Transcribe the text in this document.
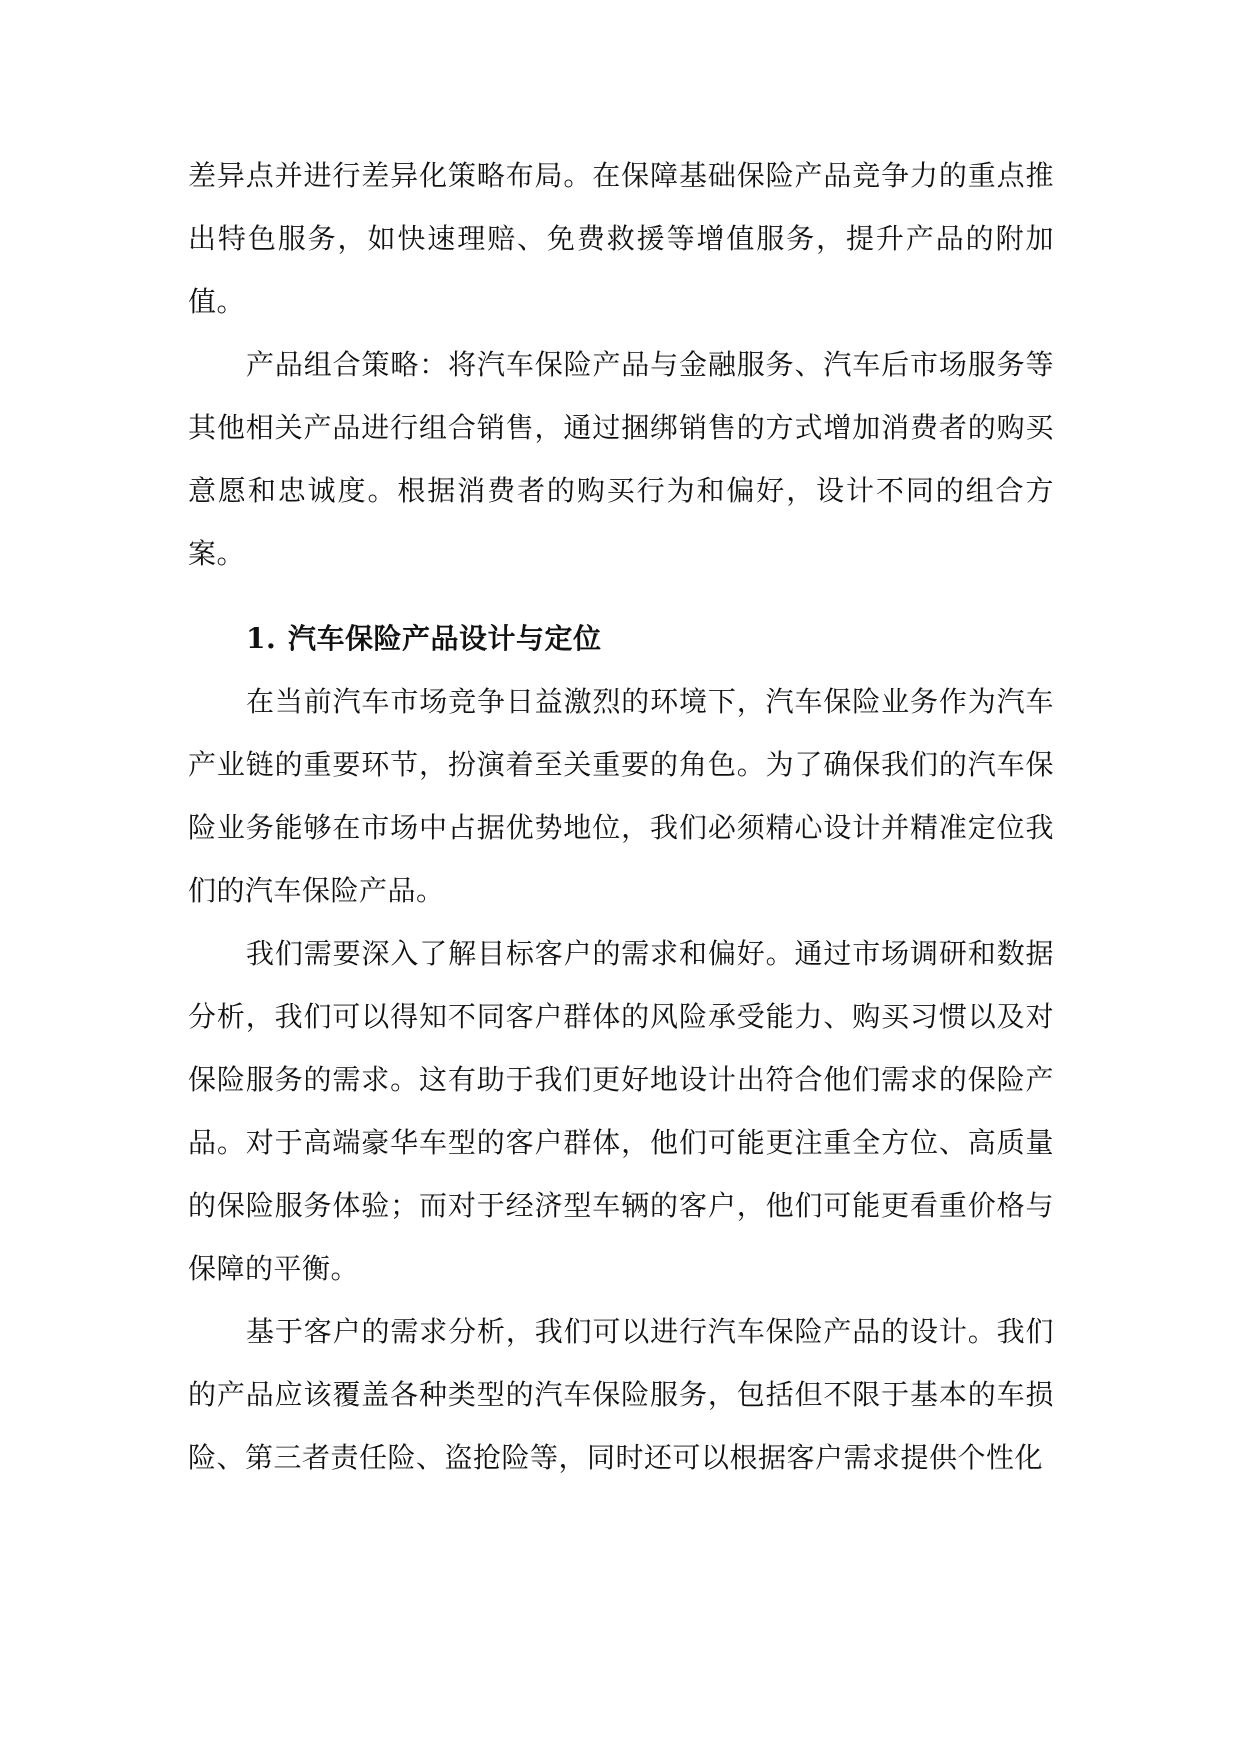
差异点并进行差异化策略布局。在保障基础保险产品竞争力的重点推出特色服务，如快速理赔、免费救援等增值服务，提升产品的附加值。

产品组合策略：将汽车保险产品与金融服务、汽车后市场服务等其他相关产品进行组合销售，通过捆绑销售的方式增加消费者的购买意愿和忠诚度。根据消费者的购买行为和偏好，设计不同的组合方案。

1. 汽车保险产品设计与定位

在当前汽车市场竞争日益激烈的环境下，汽车保险业务作为汽车产业链的重要环节，扮演着至关重要的角色。为了确保我们的汽车保险业务能够在市场中占据优势地位，我们必须精心设计并精准定位我们的汽车保险产品。

我们需要深入了解目标客户的需求和偏好。通过市场调研和数据分析，我们可以得知不同客户群体的风险承受能力、购买习惯以及对保险服务的需求。这有助于我们更好地设计出符合他们需求的保险产品。对于高端豪华车型的客户群体，他们可能更注重全方位、高质量的保险服务体验；而对于经济型车辆的客户，他们可能更看重价格与保障的平衡。

基于客户的需求分析，我们可以进行汽车保险产品的设计。我们的产品应该覆盖各种类型的汽车保险服务，包括但不限于基本的车损险、第三者责任险、盗抢险等，同时还可以根据客户需求提供个性化
